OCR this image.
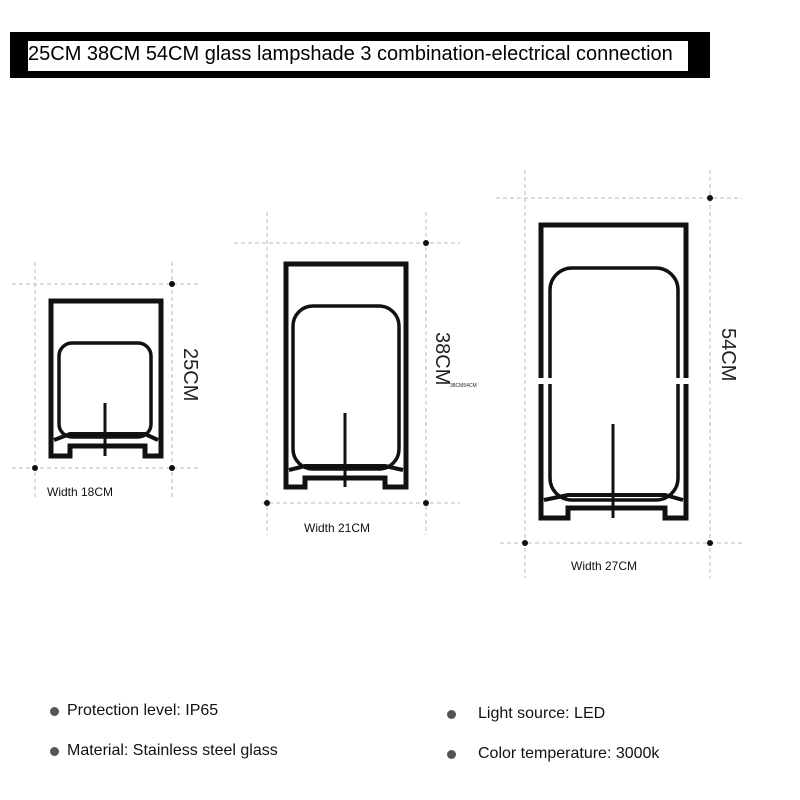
25CM 38CM 54CM glass lampshade 3 combination-electrical connection
25CM	38CM
38CM54CM
54CM
Width 18CM
Width 21CM
Width 27CM
Protection level: IP65
Material: Stainless steel glass
Light source: LED
Color temperature: 3000k
